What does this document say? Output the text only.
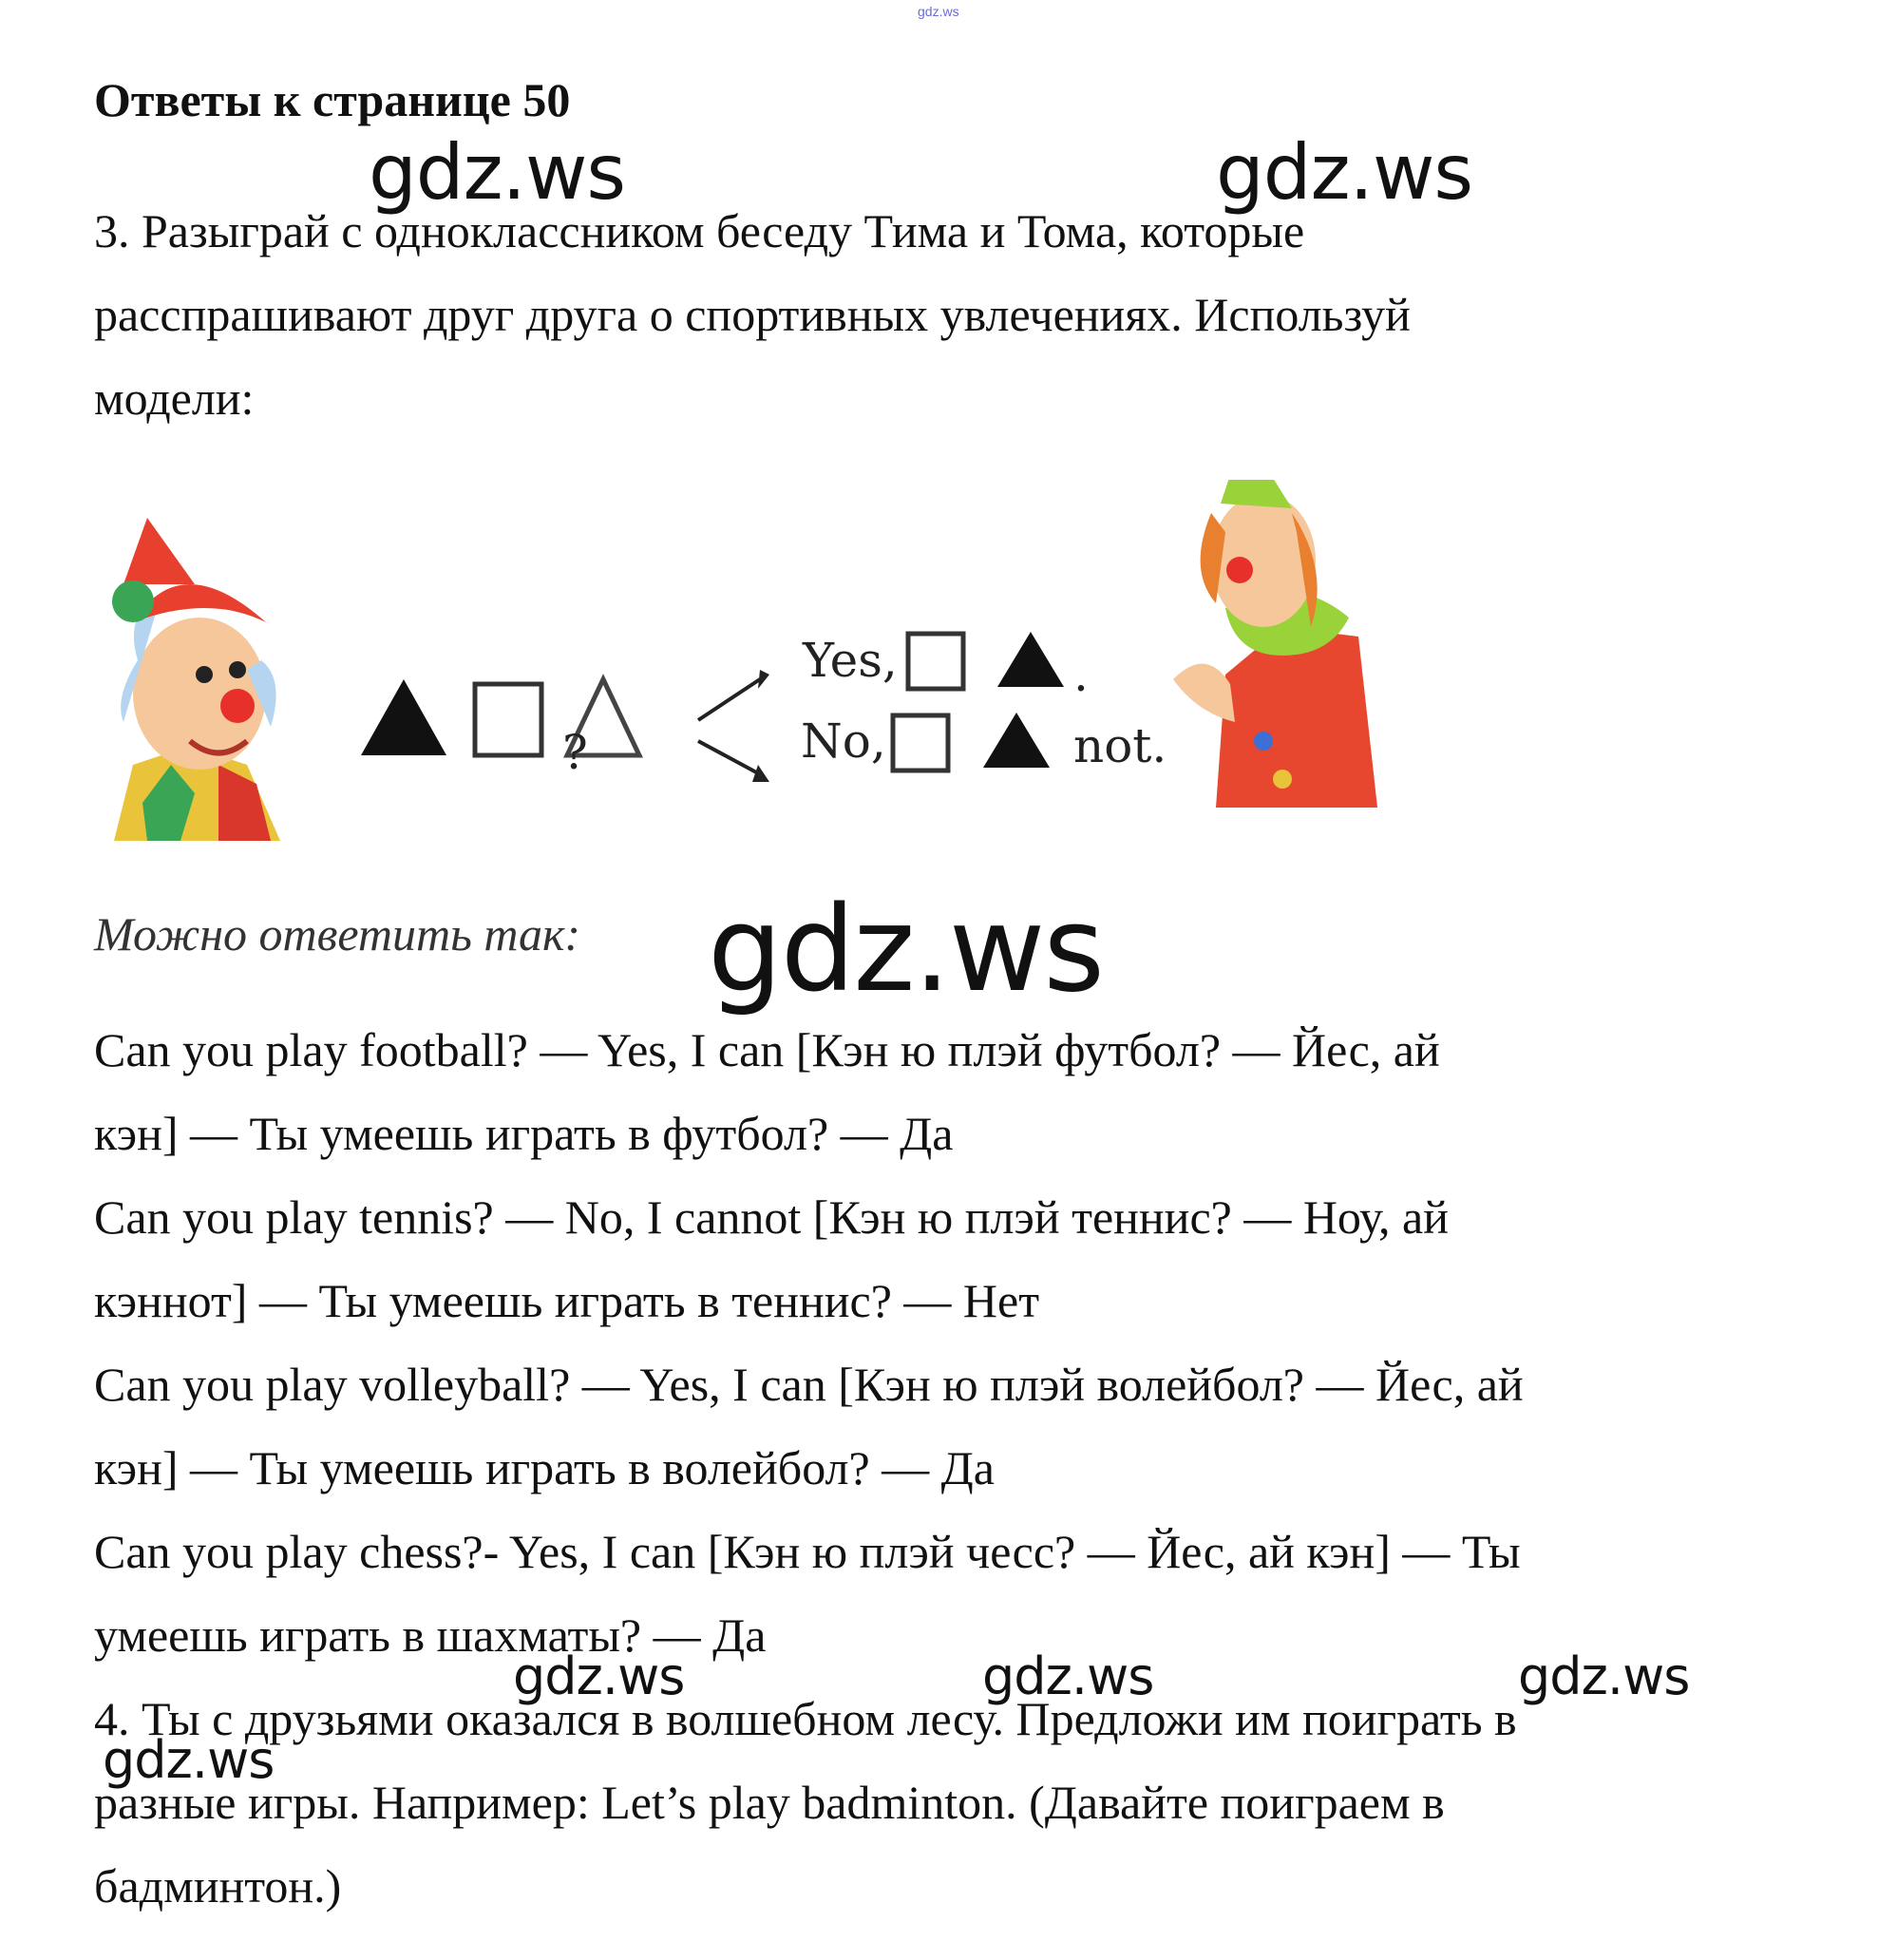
gdz.ws
Ответы к странице 50
3. Разыграй с одноклассником беседу Тима и Тома, которые
расспрашивают друг друга о спортивных увлечениях. Используй
модели:
gdz.ws	gdz.ws
?
Yes,	.
No,	not.
Можно ответить так: gdz.ws
Can you play football? — Yes, I can [Кэн ю плэй футбол? — Йес, ай
кэн] — Ты умеешь играть в футбол? — Да
Can you play tennis? — No, I cannot [Кэн ю плэй теннис? — Ноу, ай
кэннот] — Ты умеешь играть в теннис? — Нет
Can you play volleyball? — Yes, I can [Кэн ю плэй волейбол? — Йес, ай
кэн] — Ты умеешь играть в волейбол? — Да
Can you play chess?- Yes, I can [Кэн ю плэй чесс? — Йес, ай кэн] — Ты
умеешь играть в шахматы? — Да
gdz.ws	gdz.ws	gdz.ws
4. Ты с друзьями оказался в волшебном лесу. Предложи им поиграть в
gdz.ws
разные игры. Например: Let’s play badminton. (Давайте поиграем в
бадминтон.)
